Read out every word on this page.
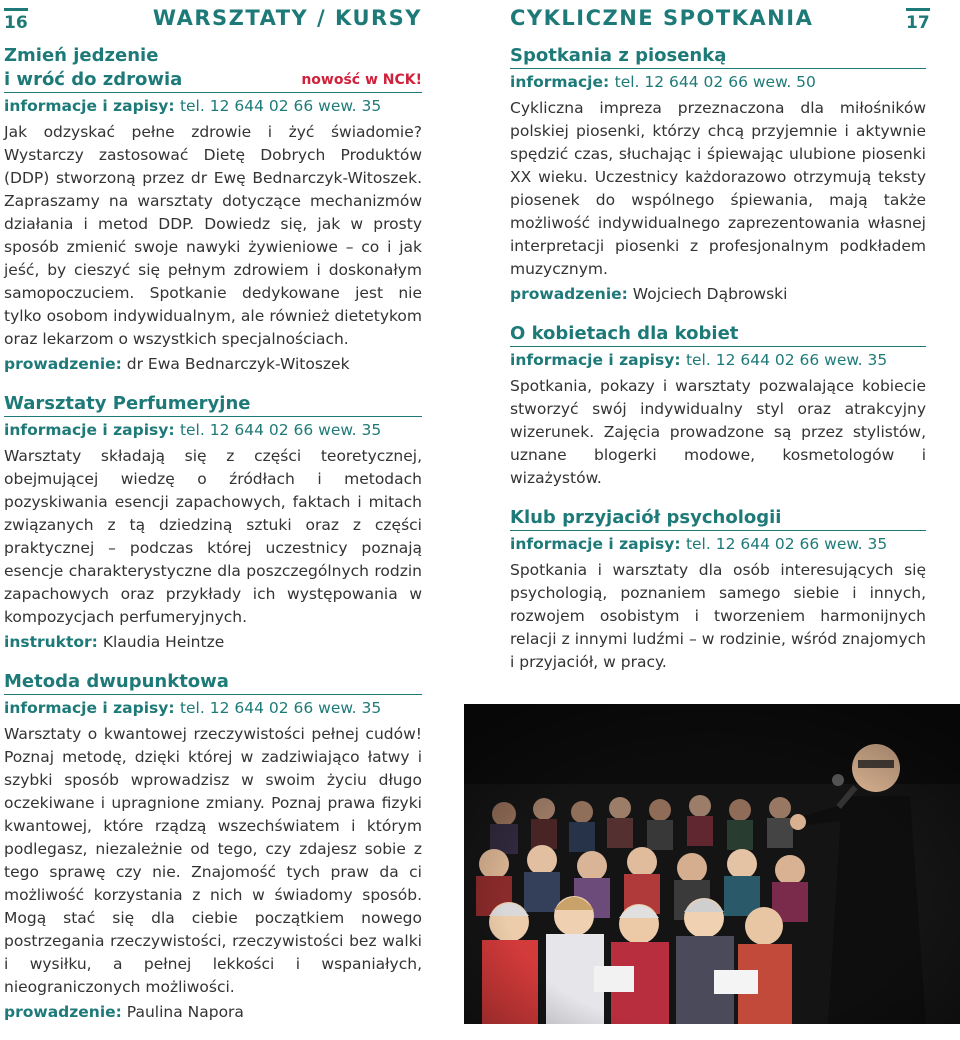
16	17
WARSZTATY / KURSY
Zmień jedzenie
i wróć do zdrowia	nowość w NCK!
informacje i zapisy: tel. 12 644 02 66 wew. 35

Jak odzyskać pełne zdrowie i żyć świadomie? Wystarczy zastosować Dietę Dobrych Produktów (DDP) stworzoną przez dr Ewę Bednarczyk-Witoszek. Zapraszamy na warsztaty dotyczące mechanizmów działania i metod DDP. Dowiedz się, jak w prosty sposób zmienić swoje nawyki żywieniowe – co i jak jeść, by cieszyć się pełnym zdrowiem i doskonałym samopoczuciem. Spotkanie dedykowane jest nie tylko osobom indywidualnym, ale również dietetykom oraz lekarzom o wszystkich specjalnościach.

prowadzenie: dr Ewa Bednarczyk-Witoszek

Warsztaty Perfumeryjne
informacje i zapisy: tel. 12 644 02 66 wew. 35

Warsztaty składają się z części teoretycznej, obejmującej wiedzę o źródłach i metodach pozyskiwania esencji zapachowych, faktach i mitach związanych z tą dziedziną sztuki oraz z części praktycznej – podczas której uczestnicy poznają esencje charakterystyczne dla poszczególnych rodzin zapachowych oraz przykłady ich występowania w kompozycjach perfumeryjnych.

instruktor: Klaudia Heintze

Metoda dwupunktowa
informacje i zapisy: tel. 12 644 02 66 wew. 35

Warsztaty o kwantowej rzeczywistości pełnej cudów! Poznaj metodę, dzięki której w zadziwiająco łatwy i szybki sposób wprowadzisz w swoim życiu długo oczekiwane i upragnione zmiany. Poznaj prawa fizyki kwantowej, które rządzą wszechświatem i którym podlegasz, niezależnie od tego, czy zdajesz sobie z tego sprawę czy nie. Znajomość tych praw da ci możliwość korzystania z nich w świadomy sposób. Mogą stać się dla ciebie początkiem nowego postrzegania rzeczywistości, rzeczywistości bez walki i wysiłku, a pełnej lekkości i wspaniałych, nieograniczonych możliwości.

prowadzenie: Paulina Napora

CYKLICZNE SPOTKANIA
Spotkania z piosenką
informacje: tel. 12 644 02 66 wew. 50

Cykliczna impreza przeznaczona dla miłośników polskiej piosenki, którzy chcą przyjemnie i aktywnie spędzić czas, słuchając i śpiewając ulubione piosenki XX wieku. Uczestnicy każdorazowo otrzymują teksty piosenek do wspólnego śpiewania, mają także możliwość indywidualnego zaprezentowania własnej interpretacji piosenki z profesjonalnym podkładem muzycznym.

prowadzenie: Wojciech Dąbrowski

O kobietach dla kobiet
informacje i zapisy: tel. 12 644 02 66 wew. 35

Spotkania, pokazy i warsztaty pozwalające kobiecie stworzyć swój indywidualny styl oraz atrakcyjny wizerunek. Zajęcia prowadzone są przez stylistów, uznane blogerki modowe, kosmetologów i wizażystów.

Klub przyjaciół psychologii
informacje i zapisy: tel. 12 644 02 66 wew. 35

Spotkania i warsztaty dla osób interesujących się psychologią, poznaniem samego siebie i innych, rozwojem osobistym i tworzeniem harmonijnych relacji z innymi ludźmi – w rodzinie, wśród znajomych i przyjaciół, w pracy.
